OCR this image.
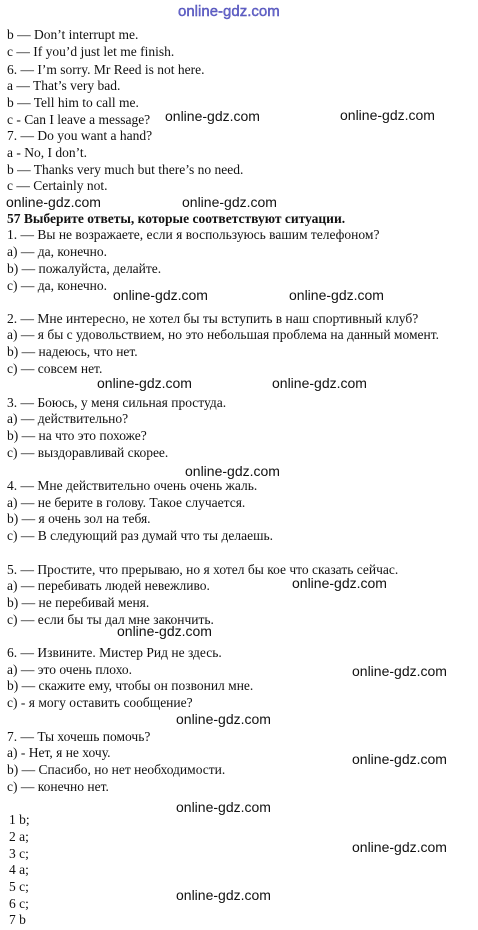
online-gdz.com
b — Don’t interrupt me.
c — If you’d just let me finish.
6. — I’m sorry. Mr Reed is not here.
a — That’s very bad.
b — Tell him to call me.
c - Can I leave a message?
7. — Do you want a hand?
a - No, I don’t.
b — Thanks very much but there’s no need.
c — Certainly not.
57 Выберите ответы, которые соответствуют ситуации.
1. — Вы не возражаете, если я воспользуюсь вашим телефоном?
a) — да, конечно.
b) — пожалуйста, делайте.
c) — да, конечно.
2. — Мне интересно, не хотел бы ты вступить в наш спортивный клуб?
a) — я бы с удовольствием, но это небольшая проблема на данный момент.
b) — надеюсь, что нет.
c) — совсем нет.
3. — Боюсь, у меня сильная простуда.
a) — действительно?
b) — на что это похоже?
c) — выздоравливай скорее.
4. — Мне действительно очень очень жаль.
a) — не берите в голову. Такое случается.
b) — я очень зол на тебя.
c) — В следующий раз думай что ты делаешь.
5. — Простите, что прерываю, но я хотел бы кое что сказать сейчас.
a) — перебивать людей невежливо.
b) — не перебивай меня.
c) — если бы ты дал мне закончить.
6. — Извините. Мистер Рид не здесь.
a) — это очень плохо.
b) — скажите ему, чтобы он позвонил мне.
c) - я могу оставить сообщение?
7. — Ты хочешь помочь?
a) - Нет, я не хочу.
b) — Спасибо, но нет необходимости.
c) — конечно нет.
1 b;
2 a;
3 c;
4 a;
5 c;
6 c;
7 b
online-gdz.com	online-gdz.com
online-gdz.com	online-gdz.com
online-gdz.com	online-gdz.com
online-gdz.com	online-gdz.com
online-gdz.com
online-gdz.com
online-gdz.com
online-gdz.com
online-gdz.com
online-gdz.com
online-gdz.com
online-gdz.com
online-gdz.com
